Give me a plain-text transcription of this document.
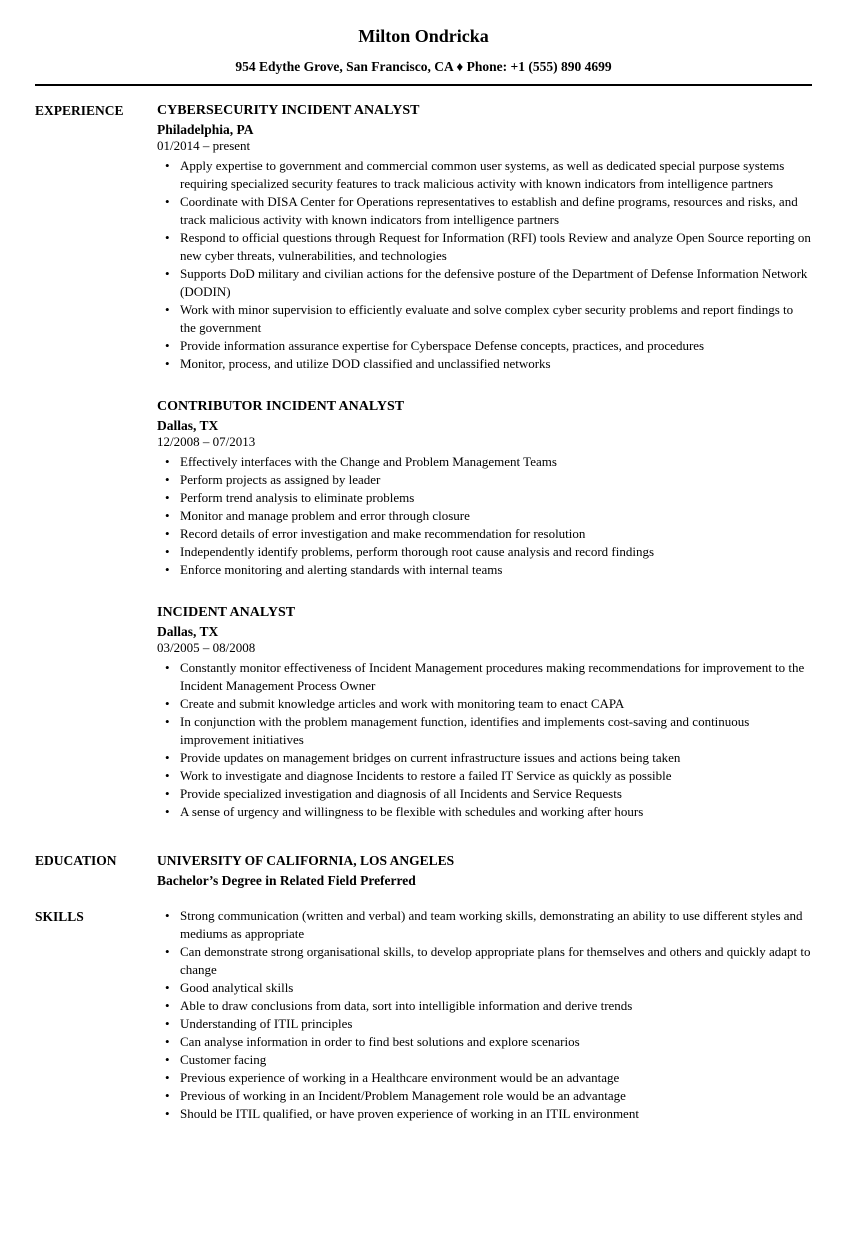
Milton Ondricka
954 Edythe Grove, San Francisco, CA ♦ Phone: +1 (555) 890 4699
EXPERIENCE	CYBERSECURITY INCIDENT ANALYST
Philadelphia, PA
01/2014 – present
• Apply expertise to government and commercial common user systems, as well as dedicated special purpose systems requiring specialized security features to track malicious activity with known indicators from intelligence partners
• Coordinate with DISA Center for Operations representatives to establish and define programs, resources and risks, and track malicious activity with known indicators from intelligence partners
• Respond to official questions through Request for Information (RFI) tools Review and analyze Open Source reporting on new cyber threats, vulnerabilities, and technologies
• Supports DoD military and civilian actions for the defensive posture of the Department of Defense Information Network (DODIN)
• Work with minor supervision to efficiently evaluate and solve complex cyber security problems and report findings to the government
• Provide information assurance expertise for Cyberspace Defense concepts, practices, and procedures
• Monitor, process, and utilize DOD classified and unclassified networks
CONTRIBUTOR INCIDENT ANALYST
Dallas, TX
12/2008 – 07/2013
• Effectively interfaces with the Change and Problem Management Teams
• Perform projects as assigned by leader
• Perform trend analysis to eliminate problems
• Monitor and manage problem and error through closure
• Record details of error investigation and make recommendation for resolution
• Independently identify problems, perform thorough root cause analysis and record findings
• Enforce monitoring and alerting standards with internal teams
INCIDENT ANALYST
Dallas, TX
03/2005 – 08/2008
• Constantly monitor effectiveness of Incident Management procedures making recommendations for improvement to the Incident Management Process Owner
• Create and submit knowledge articles and work with monitoring team to enact CAPA
• In conjunction with the problem management function, identifies and implements cost-saving and continuous improvement initiatives
• Provide updates on management bridges on current infrastructure issues and actions being taken
• Work to investigate and diagnose Incidents to restore a failed IT Service as quickly as possible
• Provide specialized investigation and diagnosis of all Incidents and Service Requests
• A sense of urgency and willingness to be flexible with schedules and working after hours
EDUCATION	UNIVERSITY OF CALIFORNIA, LOS ANGELES
Bachelor’s Degree in Related Field Preferred
SKILLS	• Strong communication (written and verbal) and team working skills, demonstrating an ability to use different styles and mediums as appropriate
• Can demonstrate strong organisational skills, to develop appropriate plans for themselves and others and quickly adapt to change
• Good analytical skills
• Able to draw conclusions from data, sort into intelligible information and derive trends
• Understanding of ITIL principles
• Can analyse information in order to find best solutions and explore scenarios
• Customer facing
• Previous experience of working in a Healthcare environment would be an advantage
• Previous of working in an Incident/Problem Management role would be an advantage
• Should be ITIL qualified, or have proven experience of working in an ITIL environment
